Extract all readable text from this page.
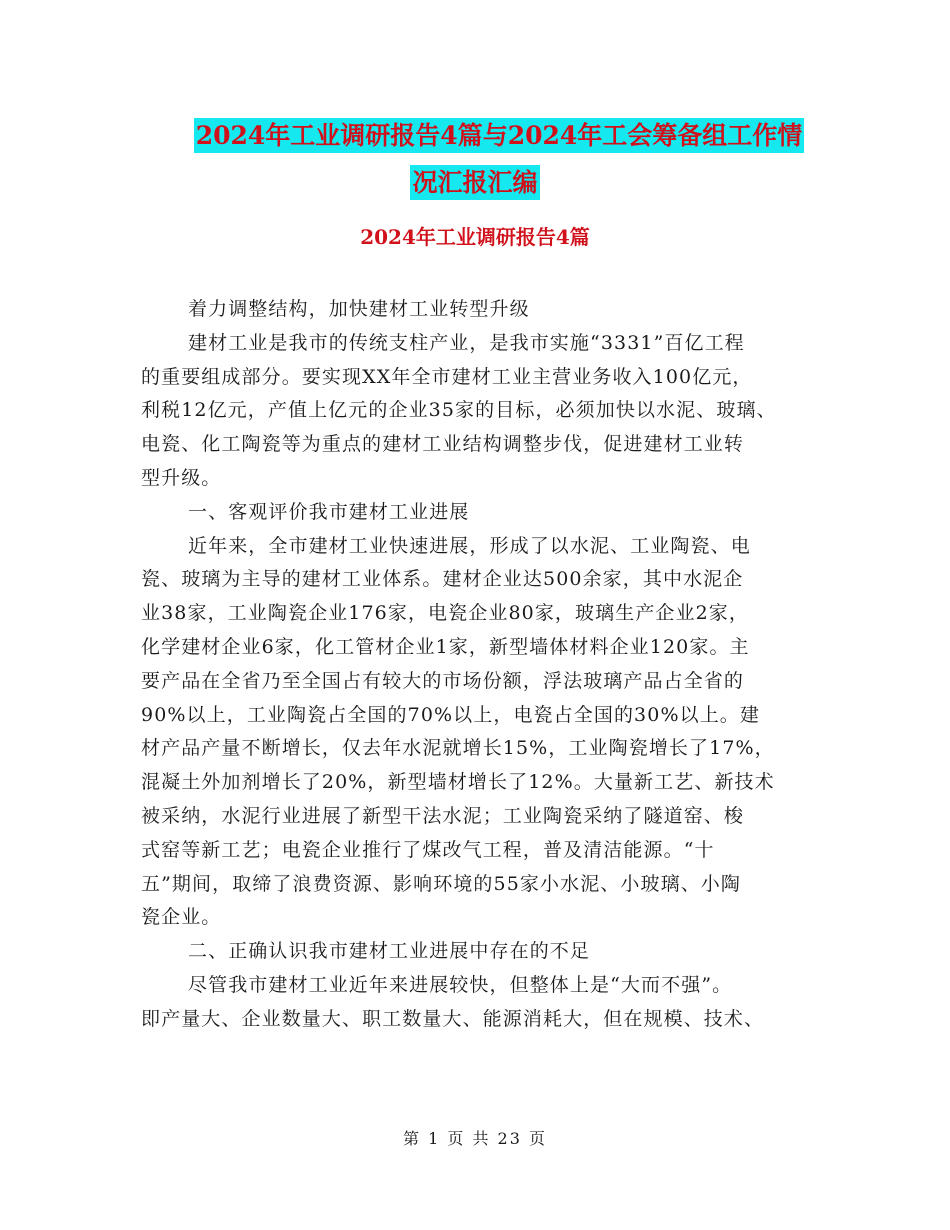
2024年工业调研报告4篇与2024年工会筹备组工作情
况汇报汇编
2024年工业调研报告4篇
着力调整结构，加快建材工业转型升级
建材工业是我市的传统支柱产业，是我市实施“3331”百亿工程
的重要组成部分。要实现XX年全市建材工业主营业务收入100亿元，
利税12亿元，产值上亿元的企业35家的目标，必须加快以水泥、玻璃、
电瓷、化工陶瓷等为重点的建材工业结构调整步伐，促进建材工业转
型升级。
一、客观评价我市建材工业进展
近年来，全市建材工业快速进展，形成了以水泥、工业陶瓷、电
瓷、玻璃为主导的建材工业体系。建材企业达500余家，其中水泥企
业38家，工业陶瓷企业176家，电瓷企业80家，玻璃生产企业2家，
化学建材企业6家，化工管材企业1家，新型墙体材料企业120家。主
要产品在全省乃至全国占有较大的市场份额，浮法玻璃产品占全省的
90%以上，工业陶瓷占全国的70%以上，电瓷占全国的30%以上。建
材产品产量不断增长，仅去年水泥就增长15%，工业陶瓷增长了17%，
混凝土外加剂增长了20%，新型墙材增长了12%。大量新工艺、新技术
被采纳，水泥行业进展了新型干法水泥；工业陶瓷采纳了隧道窑、梭
式窑等新工艺；电瓷企业推行了煤改气工程，普及清洁能源。“十
五”期间，取缔了浪费资源、影响环境的55家小水泥、小玻璃、小陶
瓷企业。
二、正确认识我市建材工业进展中存在的不足
尽管我市建材工业近年来进展较快，但整体上是“大而不强”。
即产量大、企业数量大、职工数量大、能源消耗大，但在规模、技术、
第 1 页 共 23 页
